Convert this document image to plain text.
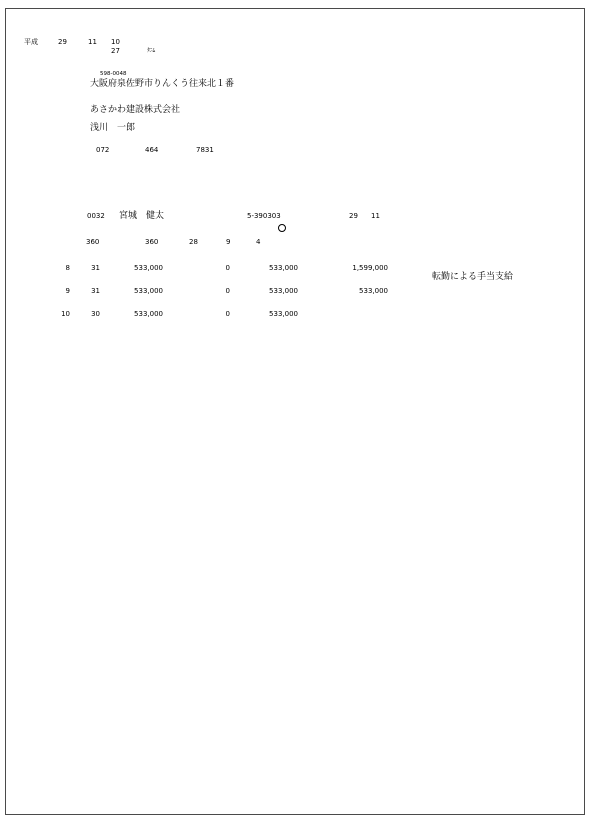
平成	29	11 10
27	ﾀﾆﾑ
598-0048
大阪府泉佐野市りんくう往来北１番
あさかわ建設株式会社
浅川　一郎
072	464	7831
0032 宮城　健太	5-390303	29 11
360	360	28	9	4
8	31	533,000	0	533,000	1,599,000
転勤による手当支給
9	31	533,000	0	533,000	533,000
10	30	533,000	0	533,000
